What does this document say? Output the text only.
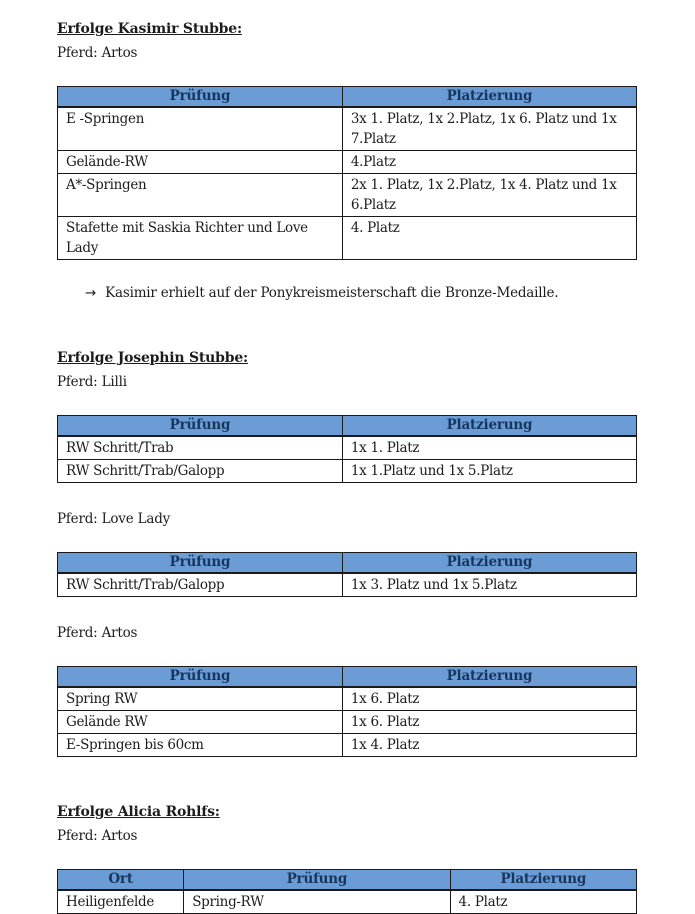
Erfolge Kasimir Stubbe:
Pferd: Artos
Prüfung	Platzierung
E -Springen	3x 1. Platz, 1x 2.Platz, 1x 6. Platz und 1x 7.Platz
Gelände-RW	4.Platz
A*-Springen	2x 1. Platz, 1x 2.Platz, 1x 4. Platz und 1x 6.Platz
Stafette mit Saskia Richter und Love Lady	4. Platz
→ Kasimir erhielt auf der Ponykreismeisterschaft die Bronze-Medaille.
Erfolge Josephin Stubbe:
Pferd: Lilli
Prüfung	Platzierung
RW Schritt/Trab	1x 1. Platz
RW Schritt/Trab/Galopp	1x 1.Platz und 1x 5.Platz
Pferd: Love Lady
Prüfung	Platzierung
RW Schritt/Trab/Galopp	1x 3. Platz und 1x 5.Platz
Pferd: Artos
Prüfung	Platzierung
Spring RW	1x 6. Platz
Gelände RW	1x 6. Platz
E-Springen bis 60cm	1x 4. Platz
Erfolge Alicia Rohlfs:
Pferd: Artos
Ort	Prüfung	Platzierung
Heiligenfelde	Spring-RW	4. Platz
